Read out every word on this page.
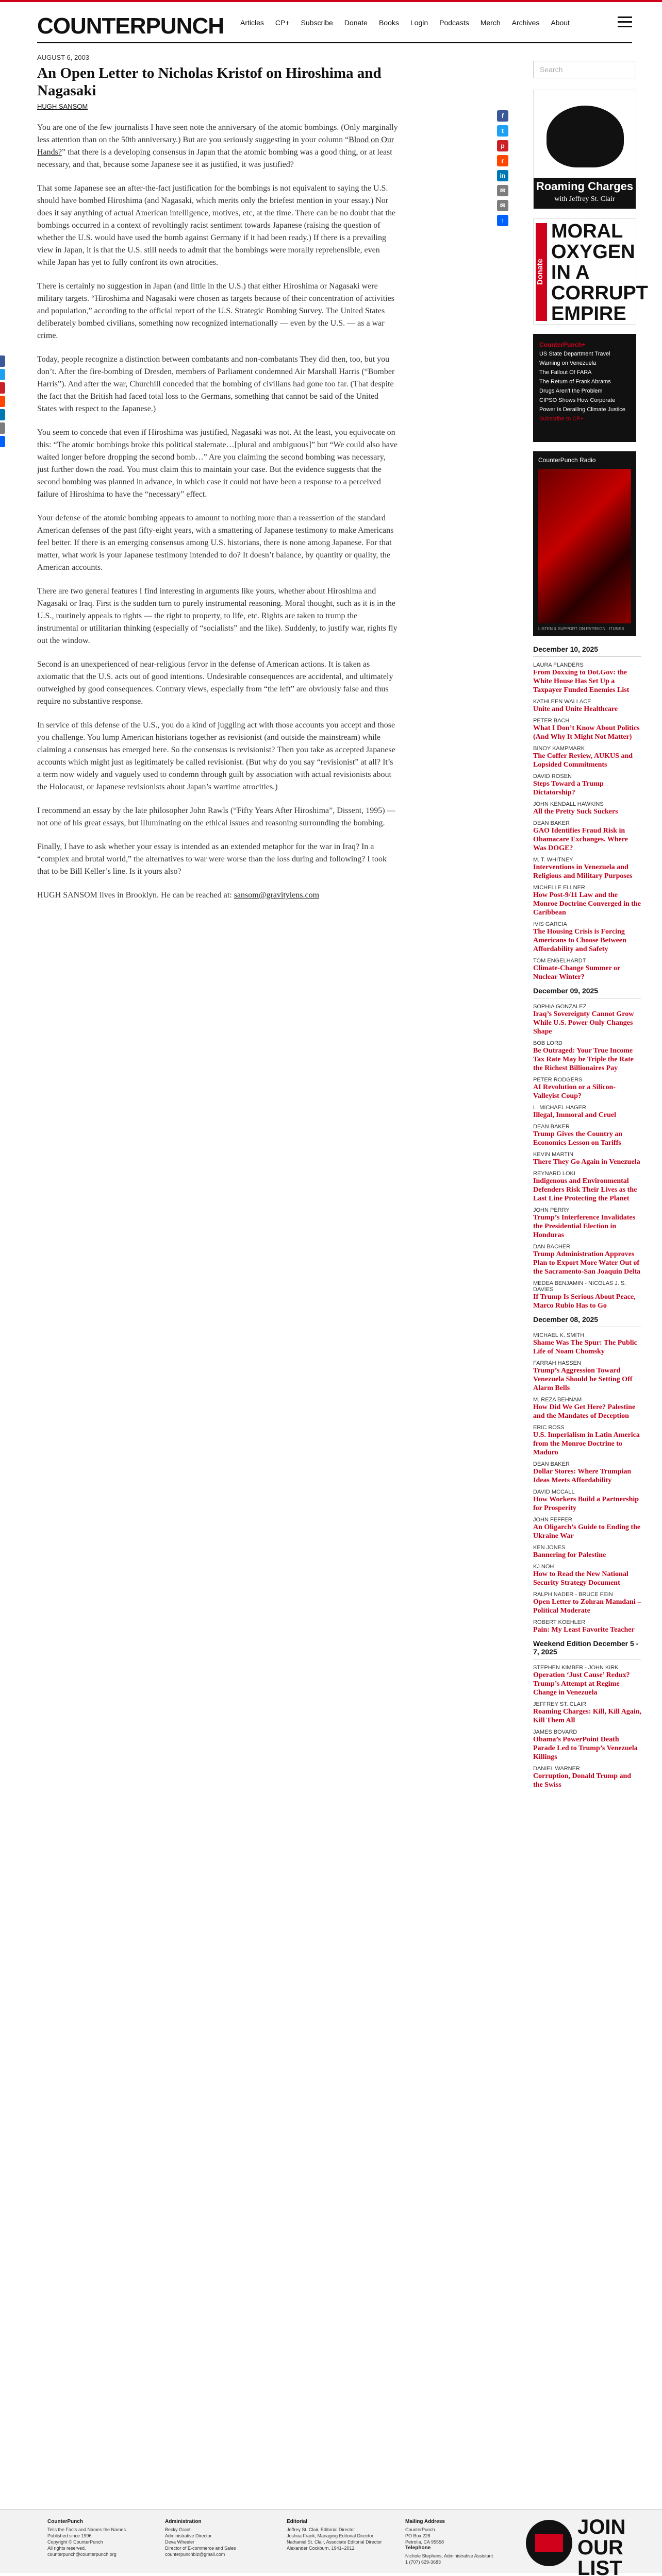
COUNTERPUNCH Articles CP+ Subscribe Donate Books Login Podcasts Merch Archives About
AUGUST 6, 2003
An Open Letter to Nicholas Kristof on Hiroshima and Nagasaki
HUGH SANSOM

You are one of the few journalists I have seen note the anniversary of the atomic bombings. (Only marginally less attention than on the 50th anniversary.) But are you seriously suggesting in your column “Blood on Our Hands?” that there is a developing consensus in Japan that the atomic bombing was a good thing, or at least necessary, and that, because some Japanese see it as justified, it was justified?

That some Japanese see an after-the-fact justification for the bombings is not equivalent to saying the U.S. should have bombed Hiroshima (and Nagasaki, which merits only the briefest mention in your essay.) Nor does it say anything of actual American intelligence, motives, etc, at the time. There can be no doubt that the bombings occurred in a context of revoltingly racist sentiment towards Japanese (raising the question of whether the U.S. would have used the bomb against Germany if it had been ready.) If there is a prevailing view in Japan, it is that the U.S. still needs to admit that the bombings were morally reprehensible, even while Japan has yet to fully confront its own atrocities.

There is certainly no suggestion in Japan (and little in the U.S.) that either Hiroshima or Nagasaki were military targets. “Hiroshima and Nagasaki were chosen as targets because of their concentration of activities and population,” according to the official report of the U.S. Strategic Bombing Survey. The United States deliberately bombed civilians, something now recognized internationally — even by the U.S. — as a war crime.

Today, people recognize a distinction between combatants and non-combatants They did then, too, but you don’t. After the fire-bombing of Dresden, members of Parliament condemned Air Marshall Harris (“Bomber Harris”). And after the war, Churchill conceded that the bombing of civilians had gone too far. (That despite the fact that the British had faced total loss to the Germans, something that cannot be said of the United States with respect to the Japanese.)

You seem to concede that even if Hiroshima was justified, Nagasaki was not. At the least, you equivocate on this: “The atomic bombings broke this political stalemate…[plural and ambiguous]” but “We could also have waited longer before dropping the second bomb…” Are you claiming the second bombing was necessary, just further down the road. You must claim this to maintain your case. But the evidence suggests that the second bombing was planned in advance, in which case it could not have been a response to a perceived failure of Hiroshima to have the “necessary” effect.

Your defense of the atomic bombing appears to amount to nothing more than a reassertion of the standard American defenses of the past fifty-eight years, with a smattering of Japanese testimony to make Americans feel better. If there is an emerging consensus among U.S. historians, there is none among Japanese. For that matter, what work is your Japanese testimony intended to do? It doesn’t balance, by quantity or quality, the American accounts.

There are two general features I find interesting in arguments like yours, whether about Hiroshima and Nagasaki or Iraq. First is the sudden turn to purely instrumental reasoning. Moral thought, such as it is in the U.S., routinely appeals to rights — the right to property, to life, etc. Rights are taken to trump the instrumental or utilitarian thinking (especially of “socialists” and the like). Suddenly, to justify war, rights fly out the window.

Second is an unexperienced of near-religious fervor in the defense of American actions. It is taken as axiomatic that the U.S. acts out of good intentions. Undesirable consequences are accidental, and ultimately outweighed by good consequences. Contrary views, especially from “the left” are obviously false and thus require no substantive response.

In service of this defense of the U.S., you do a kind of juggling act with those accounts you accept and those you challenge. You lump American historians together as revisionist (and outside the mainstream) while claiming a consensus has emerged here. So the consensus is revisionist? Then you take as accepted Japanese accounts which might just as legitimately be called revisionist. (But why do you say “revisionist” at all? It’s a term now widely and vaguely used to condemn through guilt by association with actual revisionists about the Holocaust, or Japanese revisionists about Japan’s wartime atrocities.)

I recommend an essay by the late philosopher John Rawls (“Fifty Years After Hiroshima”, Dissent, 1995) — not one of his great essays, but illuminating on the ethical issues and reasoning surrounding the bombing.

Finally, I have to ask whether your essay is intended as an extended metaphor for the war in Iraq? In a “complex and brutal world,” the alternatives to war were worse than the loss during and following? I took that to be Bill Keller’s line. Is it yours also?

HUGH SANSOM lives in Brooklyn. He can be reached at: sansom@gravitylens.com

f
t
p
r
in
✉
✉
↑
Search
Roaming Charges
with Jeffrey St. Clair
Donate
MORAL OXYGEN IN A CORRUPT EMPIRE
CounterPunch+
US State Department Travel Warning on Venezuela
The Fallout Of FARA
The Return of Frank Abrams
Drugs Aren't the Problem
CIPSO Shows How Corporate Power Is Derailing Climate Justice
Subscribe to CP+
CounterPunch Radio
LISTEN & SUPPORT ON PATREON · ITUNES
December 10, 2025
LAURA FLANDERS
From Doxxing to Dot.Gov: the White House Has Set Up a Taxpayer Funded Enemies List
KATHLEEN WALLACE
Unite and Unite Healthcare
PETER BACH
What I Don’t Know About Politics (And Why It Might Not Matter)
BINOY KAMPMARK
The Coffer Review, AUKUS and Lopsided Commitments
DAVID ROSEN
Steps Toward a Trump Dictatorship?
JOHN KENDALL HAWKINS
All the Pretty Suck Suckers
DEAN BAKER
GAO Identifies Fraud Risk in Obamacare Exchanges. Where Was DOGE?
M. T. WHITNEY
Interventions in Venezuela and Religious and Military Purposes
MICHELLE ELLNER
How Post-9/11 Law and the Monroe Doctrine Converged in the Caribbean
IVIS GARCIA
The Housing Crisis is Forcing Americans to Choose Between Affordability and Safety
TOM ENGELHARDT
Climate-Change Summer or Nuclear Winter?
December 09, 2025
SOPHIA GONZALEZ
Iraq’s Sovereignty Cannot Grow While U.S. Power Only Changes Shape
BOB LORD
Be Outraged: Your True Income Tax Rate May be Triple the Rate the Richest Billionaires Pay
PETER RODGERS
AI Revolution or a Silicon-Valleyist Coup?
L. MICHAEL HAGER
Illegal, Immoral and Cruel
DEAN BAKER
Trump Gives the Country an Economics Lesson on Tariffs
KEVIN MARTIN
There They Go Again in Venezuela
REYNARD LOKI
Indigenous and Environmental Defenders Risk Their Lives as the Last Line Protecting the Planet
JOHN PERRY
Trump’s Interference Invalidates the Presidential Election in Honduras
DAN BACHER
Trump Administration Approves Plan to Export More Water Out of the Sacramento-San Joaquin Delta
MEDEA BENJAMIN - NICOLAS J. S. DAVIES
If Trump Is Serious About Peace, Marco Rubio Has to Go
December 08, 2025
MICHAEL K. SMITH
Shame Was The Spur: The Public Life of Noam Chomsky
FARRAH HASSEN
Trump’s Aggression Toward Venezuela Should be Setting Off Alarm Bells
M. REZA BEHNAM
How Did We Get Here? Palestine and the Mandates of Deception
ERIC ROSS
U.S. Imperialism in Latin America from the Monroe Doctrine to Maduro
DEAN BAKER
Dollar Stores: Where Trumpian Ideas Meets Affordability
DAVID MCCALL
How Workers Build a Partnership for Prosperity
JOHN FEFFER
An Oligarch’s Guide to Ending the Ukraine War
KEN JONES
Bannering for Palestine
KJ NOH
How to Read the New National Security Strategy Document
RALPH NADER - BRUCE FEIN
Open Letter to Zohran Mamdani – Political Moderate
ROBERT KOEHLER
Pain: My Least Favorite Teacher
Weekend Edition December 5 - 7, 2025
STEPHEN KIMBER - JOHN KIRK
Operation ‘Just Cause’ Redux? Trump’s Attempt at Regime Change in Venezuela
JEFFREY ST. CLAIR
Roaming Charges: Kill, Kill Again, Kill Them All
JAMES BOVARD
Obama’s PowerPoint Death Parade Led to Trump’s Venezuela Killings
DANIEL WARNER
Corruption, Donald Trump and the Swiss
CounterPunch
Tells the Facts and Names the Names
Published since 1996
Copyright © CounterPunch
All rights reserved.
counterpunch@counterpunch.org
Administration
Becky Grant
Administrative Director
Deva Wheeler
Director of E-commerce and Sales
counterpunchbiz@gmail.com
Editorial
Jeffrey St. Clair, Editorial Director
Joshua Frank, Managing Editorial Director
Nathaniel St. Clair, Associate Editorial Director
Alexander Cockburn, 1941–2012
Mailing Address
CounterPunch
PO Box 228
Petrolia, CA 95558
Telephone
Nichole Stephens, Administrative Assistant
1 (707) 629-3683
JOIN OUR LIST
